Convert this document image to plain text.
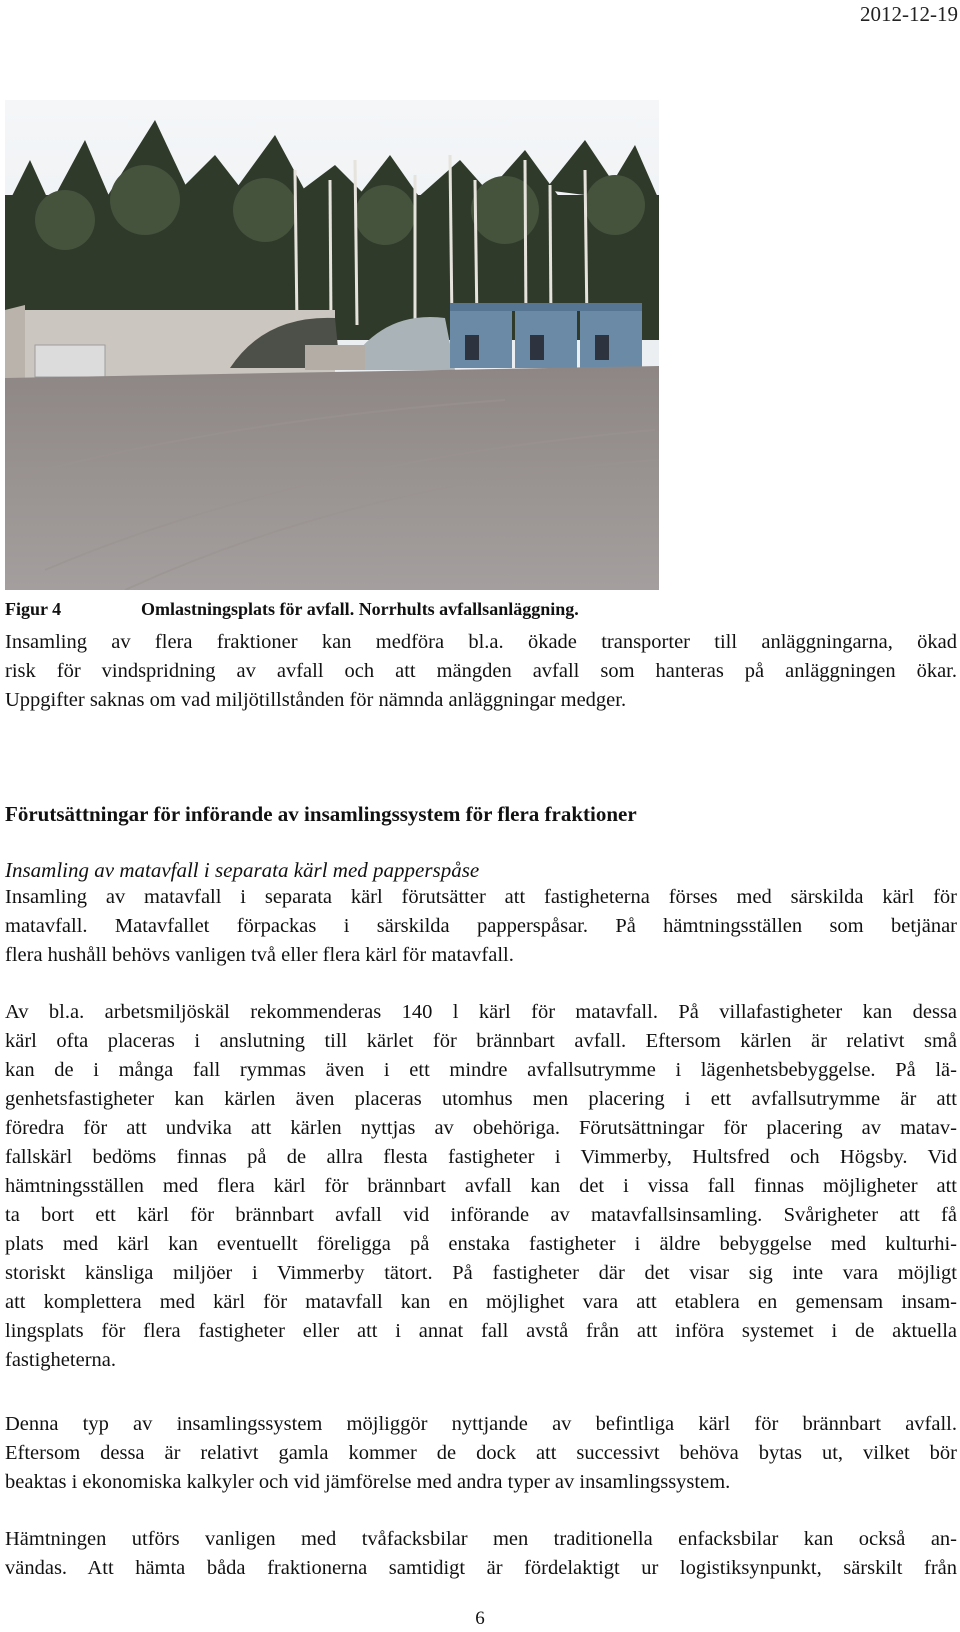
2012-12-19
Figur 4	Omlastningsplats för avfall. Norrhults avfallsanläggning.

Insamling av flera fraktioner kan medföra bl.a. ökade transporter till anläggningarna, ökad

risk för vindspridning av avfall och att mängden avfall som hanteras på anläggningen ökar.

Uppgifter saknas om vad miljötillstånden för nämnda anläggningar medger.

Förutsättningar för införande av insamlingssystem för flera fraktioner
Insamling av matavfall i separata kärl med papperspåse

Insamling av matavfall i separata kärl förutsätter att fastigheterna förses med särskilda kärl för

matavfall. Matavfallet förpackas i särskilda papperspåsar. På hämtningsställen som betjänar

flera hushåll behövs vanligen två eller flera kärl för matavfall.

Av bl.a. arbetsmiljöskäl rekommenderas 140 l kärl för matavfall. På villafastigheter kan dessa

kärl ofta placeras i anslutning till kärlet för brännbart avfall. Eftersom kärlen är relativt små

kan de i många fall rymmas även i ett mindre avfallsutrymme i lägenhetsbebyggelse. På lä-

genhetsfastigheter kan kärlen även placeras utomhus men placering i ett avfallsutrymme är att

föredra för att undvika att kärlen nyttjas av obehöriga. Förutsättningar för placering av matav-

fallskärl bedöms finnas på de allra flesta fastigheter i Vimmerby, Hultsfred och Högsby. Vid

hämtningsställen med flera kärl för brännbart avfall kan det i vissa fall finnas möjligheter att

ta bort ett kärl för brännbart avfall vid införande av matavfallsinsamling. Svårigheter att få

plats med kärl kan eventuellt föreligga på enstaka fastigheter i äldre bebyggelse med kulturhi-

storiskt känsliga miljöer i Vimmerby tätort. På fastigheter där det visar sig inte vara möjligt

att komplettera med kärl för matavfall kan en möjlighet vara att etablera en gemensam insam-

lingsplats för flera fastigheter eller att i annat fall avstå från att införa systemet i de aktuella

fastigheterna.

Denna typ av insamlingssystem möjliggör nyttjande av befintliga kärl för brännbart avfall.

Eftersom dessa är relativt gamla kommer de dock att successivt behöva bytas ut, vilket bör

beaktas i ekonomiska kalkyler och vid jämförelse med andra typer av insamlingssystem.

Hämtningen utförs vanligen med tvåfacksbilar men traditionella enfacksbilar kan också an-

vändas. Att hämta båda fraktionerna samtidigt är fördelaktigt ur logistiksynpunkt, särskilt från

6
